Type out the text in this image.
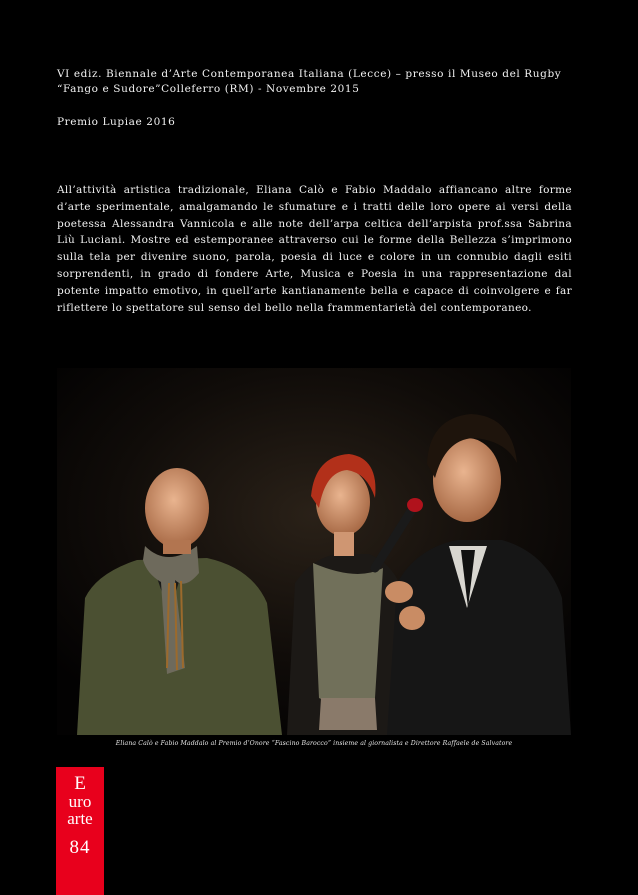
VI ediz. Biennale d’Arte Contemporanea Italiana (Lecce) – presso il Museo del Rugby

“Fango e Sudore”Colleferro (RM) - Novembre 2015

Premio Lupiae 2016

All’attività artistica tradizionale, Eliana Calò e Fabio Maddalo affiancano altre forme d’arte sperimentale, amalgamando le sfumature e i tratti delle loro opere ai versi della poetessa Alessandra Vannicola e alle note dell’arpa celtica dell’arpista prof.ssa Sabrina Liù Luciani. Mostre ed estemporanee attraverso cui le forme della Bellezza s’imprimono sulla tela per divenire suono, parola, poesia di luce e colore in un connubio dagli esiti sorprendenti, in grado di fondere Arte, Musica e Poesia in una rappresentazione dal potente impatto emotivo, in quell’arte kantianamente bella e capace di coinvolgere e far riflettere lo spettatore sul senso del bello nella frammentarietà del contemporaneo.

Eliana Calò e Fabio Maddalo al Premio d’Onore “Fascino Barocco” insieme al giornalista e Direttore Raffaele de Salvatore
E
uro
arte
84
